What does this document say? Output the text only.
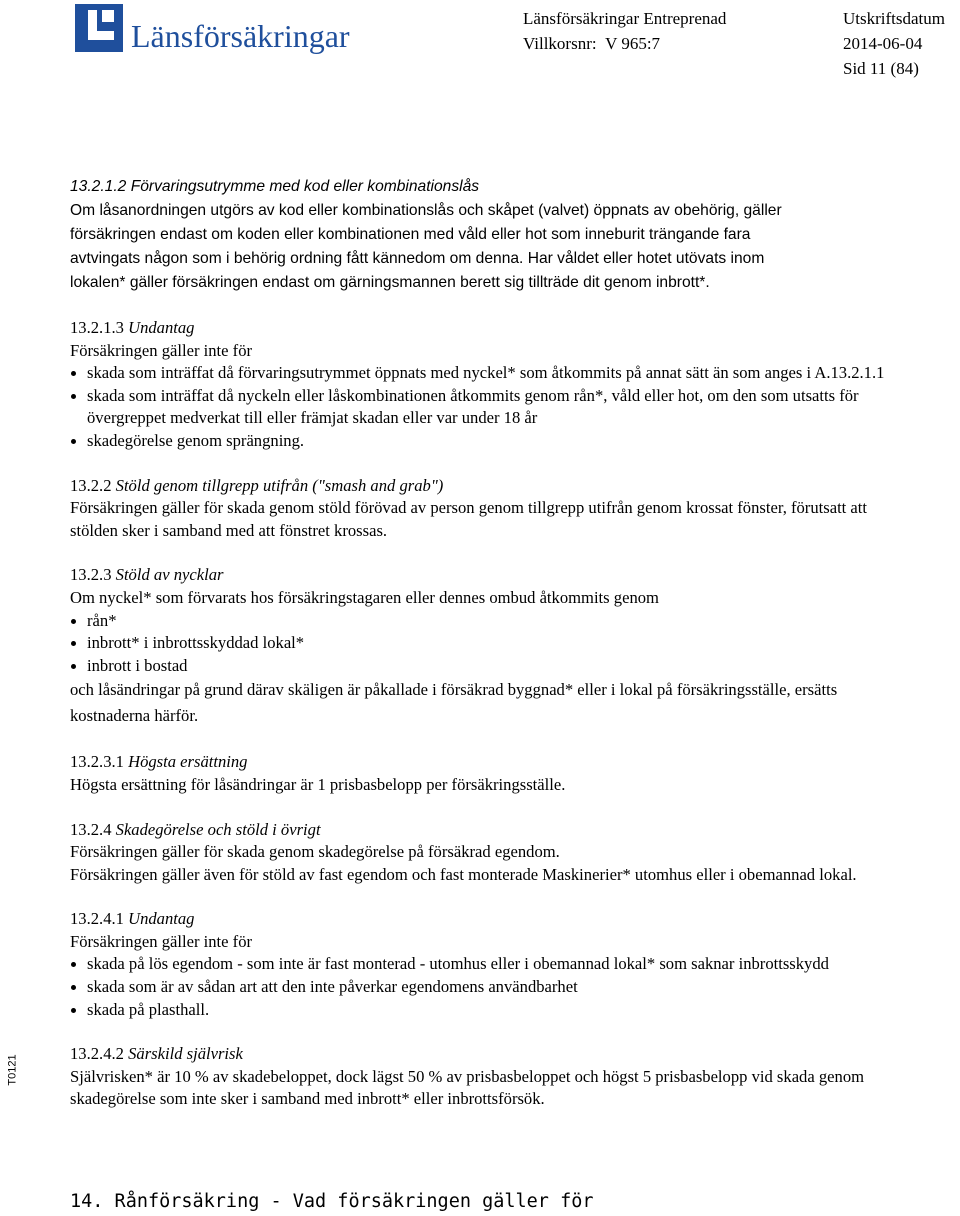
Länsförsäkringar	Länsförsäkringar Entreprenad
Villkorsnr: V 965:7
Utskriftsdatum
2014-06-04
Sid 11 (84)
T0121

13.2.1.2 Förvaringsutrymme med kod eller kombinationslås

Om låsanordningen utgörs av kod eller kombinationslås och skåpet (valvet) öppnats av obehörig, gäller

försäkringen endast om koden eller kombinationen med våld eller hot som inneburit trängande fara

avtvingats någon som i behörig ordning fått kännedom om denna. Har våldet eller hotet utövats inom

lokalen* gäller försäkringen endast om gärningsmannen berett sig tillträde dit genom inbrott*.

13.2.1.3 Undantag

Försäkringen gäller inte för

skada som inträffat då förvaringsutrymmet öppnats med nyckel* som åtkommits på annat sätt än som anges i A.13.2.1.1
skada som inträffat då nyckeln eller låskombinationen åtkommits genom rån*, våld eller hot, om den som utsatts för övergreppet medverkat till eller främjat skadan eller var under 18 år
skadegörelse genom sprängning.

13.2.2 Stöld genom tillgrepp utifrån ("smash and grab")

Försäkringen gäller för skada genom stöld förövad av person genom tillgrepp utifrån genom krossat fönster, förutsatt att stölden sker i samband med att fönstret krossas.

13.2.3 Stöld av nycklar

Om nyckel* som förvarats hos försäkringstagaren eller dennes ombud åtkommits genom

rån*
inbrott* i inbrottsskyddad lokal*
inbrott i bostad

och låsändringar på grund därav skäligen är påkallade i försäkrad byggnad* eller i lokal på försäkringsställe, ersätts kostnaderna härför.

13.2.3.1 Högsta ersättning

Högsta ersättning för låsändringar är 1 prisbasbelopp per försäkringsställe.

13.2.4 Skadegörelse och stöld i övrigt

Försäkringen gäller för skada genom skadegörelse på försäkrad egendom.

Försäkringen gäller även för stöld av fast egendom och fast monterade Maskinerier* utomhus eller i obemannad lokal.

13.2.4.1 Undantag

Försäkringen gäller inte för

skada på lös egendom - som inte är fast monterad - utomhus eller i obemannad lokal* som saknar inbrottsskydd
skada som är av sådan art att den inte påverkar egendomens användbarhet
skada på plasthall.

13.2.4.2 Särskild självrisk

Självrisken* är 10 % av skadebeloppet, dock lägst 50 % av prisbasbeloppet och högst 5 prisbasbelopp vid skada genom skadegörelse som inte sker i samband med inbrott* eller inbrottsförsök.

14. Rånförsäkring - Vad försäkringen gäller för
